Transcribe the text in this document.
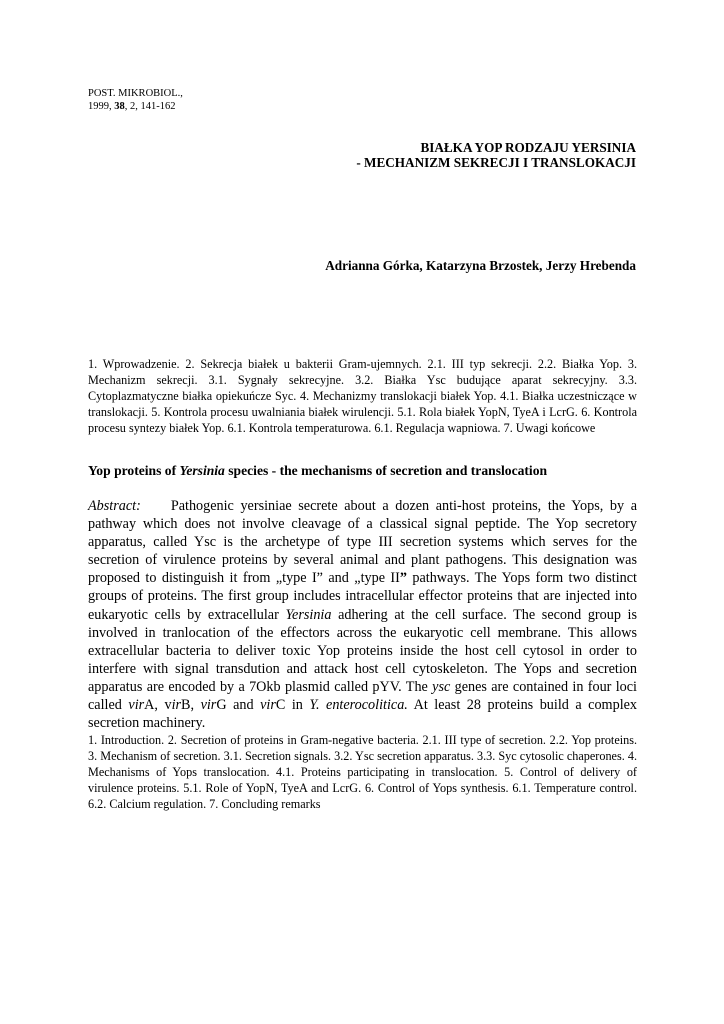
POST. MIKROBIOL.,
1999, 38, 2, 141-162
BIAŁKA YOP RODZAJU YERSINIA
- MECHANIZM SEKRECJI I TRANSLOKACJI
Adrianna Górka, Katarzyna Brzostek, Jerzy Hrebenda
1. Wprowadzenie. 2. Sekrecja białek u bakterii Gram-ujemnych. 2.1. III typ sekrecji. 2.2. Białka Yop. 3. Mechanizm sekrecji. 3.1. Sygnały sekrecyjne. 3.2. Białka Ysc budujące aparat sekrecyjny. 3.3. Cytoplazmatyczne białka opiekuńcze Syc. 4. Mechanizmy translokacji białek Yop. 4.1. Białka uczestniczące w translokacji. 5. Kontrola procesu uwalniania białek wirulencji. 5.1. Rola białek YopN, TyeA i LcrG. 6. Kontrola procesu syntezy białek Yop. 6.1. Kontrola temperaturowa. 6.1. Regulacja wapniowa. 7. Uwagi końcowe
Yop proteins of Yersinia species - the mechanisms of secretion and translocation
Abstract: Pathogenic yersiniae secrete about a dozen anti-host proteins, the Yops, by a pathway which does not involve cleavage of a classical signal peptide. The Yop secretory apparatus, called Ysc is the archetype of type III secretion systems which serves for the secretion of virulence proteins by several animal and plant pathogens. This designation was proposed to distinguish it from „type I” and „type II” pathways. The Yops form two distinct groups of proteins. The first group includes intracellular effector proteins that are injected into eukaryotic cells by extracellular Yersinia adhering at the cell surface. The second group is involved in tranlocation of the effectors across the eukaryotic cell membrane. This allows extracellular bacteria to deliver toxic Yop proteins inside the host cell cytosol in order to interfere with signal transdution and attack host cell cytoskeleton. The Yops and secretion apparatus are encoded by a 7Okb plasmid called pYV. The ysc genes are contained in four loci called virA, virB, virG and virC in Y. enterocolitica. At least 28 proteins build a complex secretion machinery.
1. Introduction. 2. Secretion of proteins in Gram-negative bacteria. 2.1. III type of secretion. 2.2. Yop proteins. 3. Mechanism of secretion. 3.1. Secretion signals. 3.2. Ysc secretion apparatus. 3.3. Syc cytosolic chaperones. 4. Mechanisms of Yops translocation. 4.1. Proteins participating in translocation. 5. Control of delivery of virulence proteins. 5.1. Role of YopN, TyeA and LcrG. 6. Control of Yops synthesis. 6.1. Temperature control. 6.2. Calcium regulation. 7. Concluding remarks
